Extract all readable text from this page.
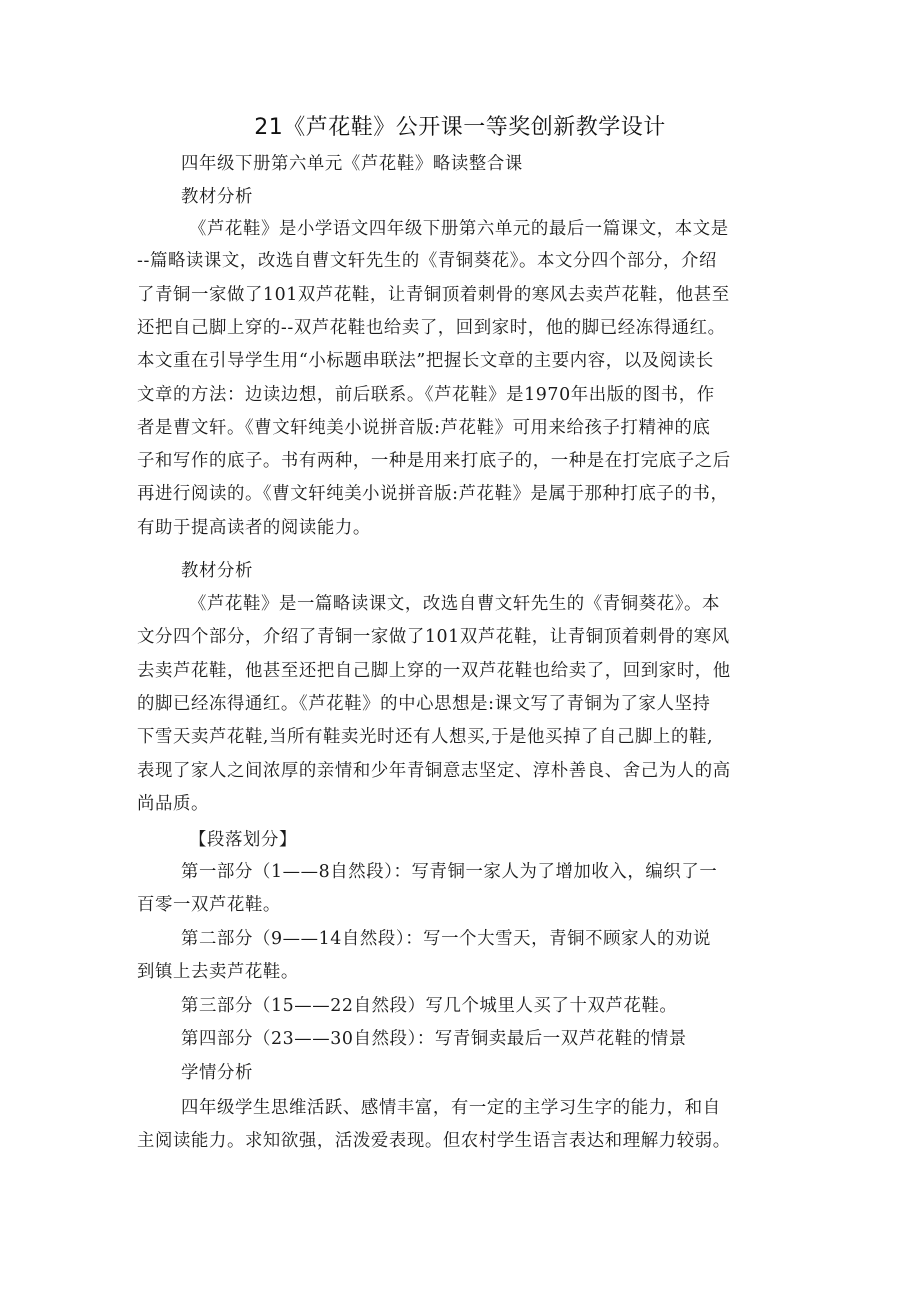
21《芦花鞋》公开课一等奖创新教学设计
四年级下册第六单元《芦花鞋》略读整合课
教材分析
《芦花鞋》是小学语文四年级下册第六单元的最后一篇课文，本文是
--篇略读课文，改选自曹文轩先生的《青铜葵花》。本文分四个部分，介绍
了青铜一家做了101双芦花鞋，让青铜顶着刺骨的寒风去卖芦花鞋，他甚至
还把自己脚上穿的--双芦花鞋也给卖了，回到家时，他的脚已经冻得通红。
本文重在引导学生用“小标题串联法”把握长文章的主要内容，以及阅读长
文章的方法：边读边想，前后联系。《芦花鞋》是1970年出版的图书，作
者是曹文轩。《曹文轩纯美小说拼音版:芦花鞋》可用来给孩子打精神的底
子和写作的底子。书有两种，一种是用来打底子的，一种是在打完底子之后
再进行阅读的。《曹文轩纯美小说拼音版:芦花鞋》是属于那种打底子的书，
有助于提高读者的阅读能力。
教材分析
《芦花鞋》是一篇略读课文，改选自曹文轩先生的《青铜葵花》。本
文分四个部分，介绍了青铜一家做了101双芦花鞋，让青铜顶着刺骨的寒风
去卖芦花鞋，他甚至还把自己脚上穿的一双芦花鞋也给卖了，回到家时，他
的脚已经冻得通红。《芦花鞋》的中心思想是:课文写了青铜为了家人坚持
下雪天卖芦花鞋,当所有鞋卖光时还有人想买,于是他买掉了自己脚上的鞋,
表现了家人之间浓厚的亲情和少年青铜意志坚定、淳朴善良、舍己为人的高
尚品质。
【段落划分】
第一部分（1——8自然段）：写青铜一家人为了增加收入，编织了一
百零一双芦花鞋。
第二部分（9——14自然段）：写一个大雪天，青铜不顾家人的劝说
到镇上去卖芦花鞋。
第三部分（15——22自然段）写几个城里人买了十双芦花鞋。
第四部分（23——30自然段）：写青铜卖最后一双芦花鞋的情景
学情分析
四年级学生思维活跃、感情丰富，有一定的主学习生字的能力，和自
主阅读能力。求知欲强，活泼爱表现。但农村学生语言表达和理解力较弱。
